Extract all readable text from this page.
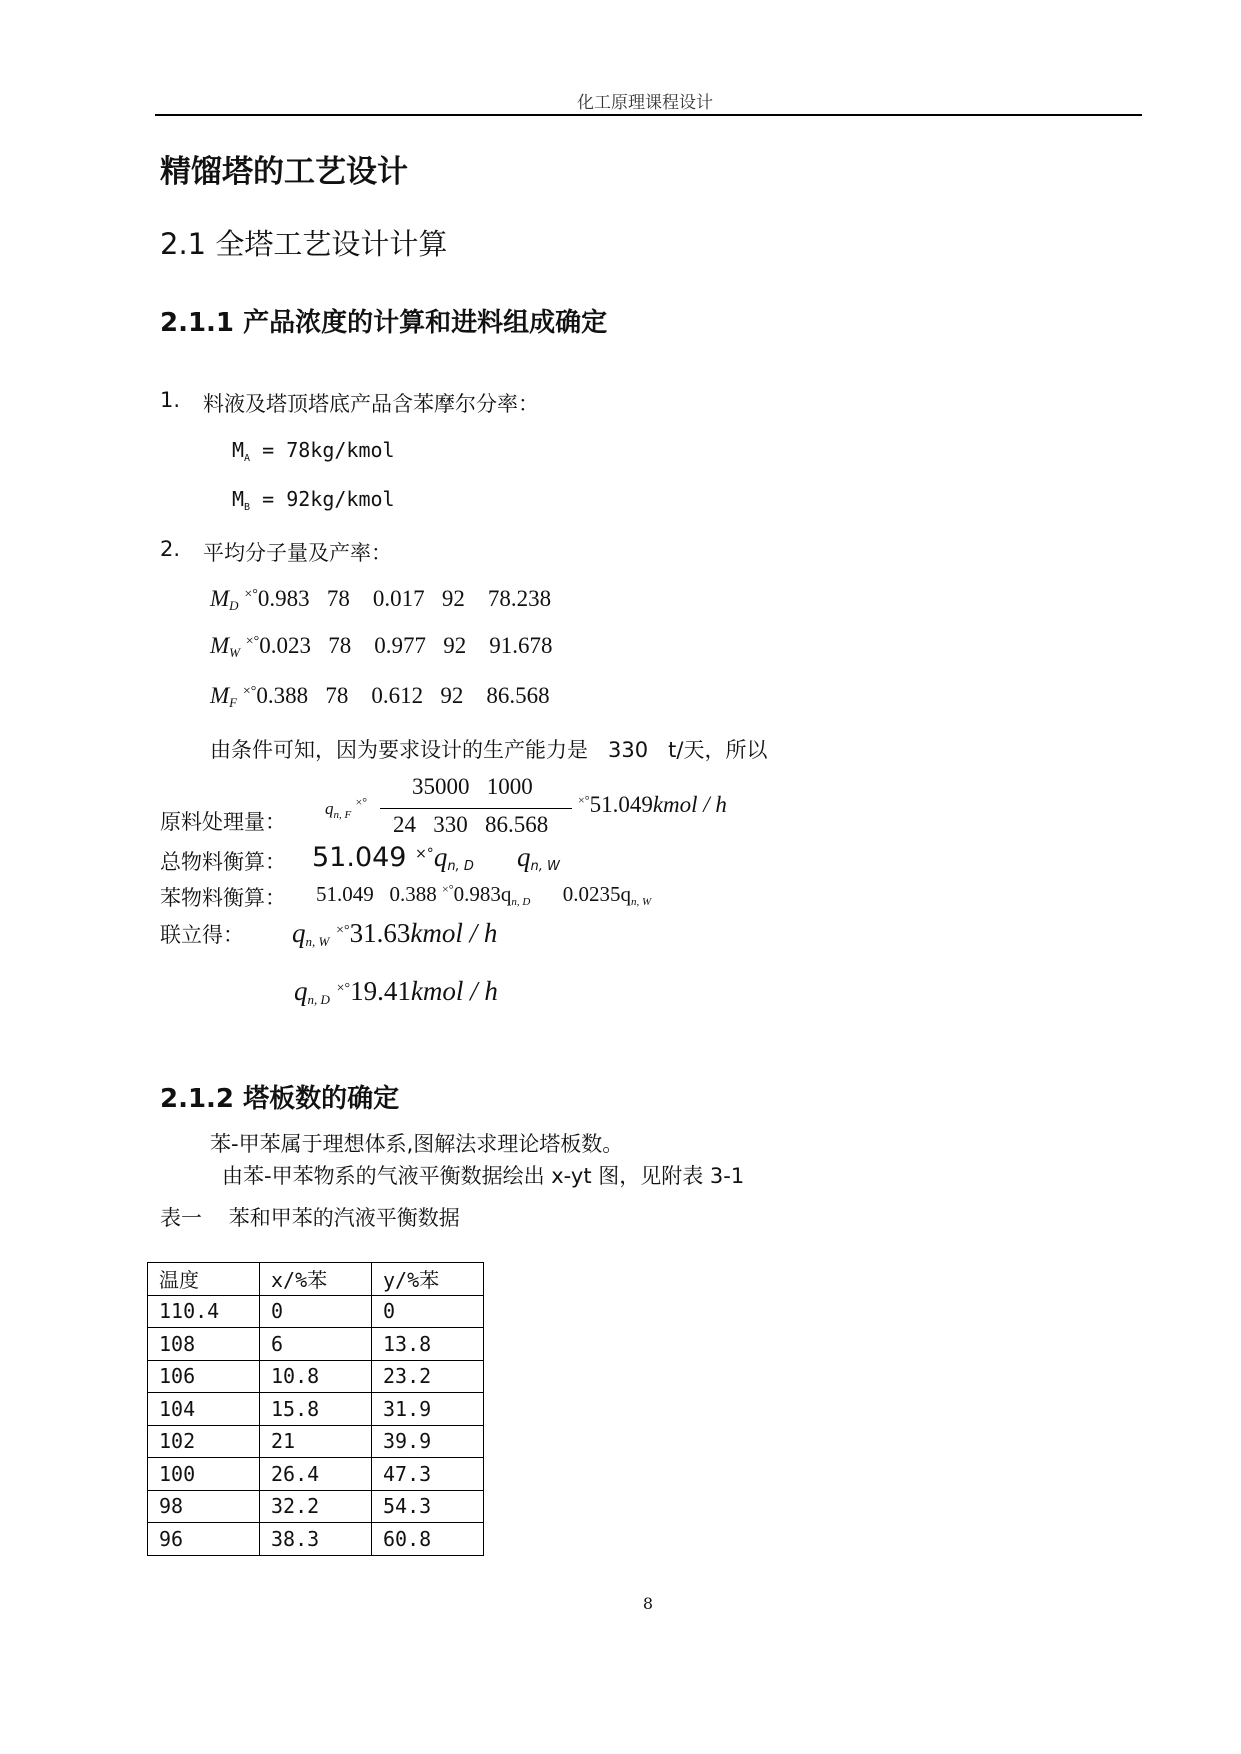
化工原理课程设计
精馏塔的工艺设计
2.1 全塔工艺设计计算
2.1.1 产品浓度的计算和进料组成确定
1. 料液及塔顶塔底产品含苯摩尔分率：
$M_A$ = 78kg/kmol
$M_B$ = 92kg/kmol
2. 平均分子量及产率：
$M_D$ ×°0.983   78    0.017   92    78.238
$M_W$ ×°0.023   78    0.977   92    91.678
$M_F$ ×°0.388   78    0.612   92    86.568
由条件可知，因为要求设计的生产能力是   330   t/天，所以
原料处理量：
$q_{n, F}$ ×°
35000   1000
24   330   86.568
×°51.049kmol / h
总物料衡算： 51.049 $^{\times^\circ}q_{n, D}$ $q_{n, W}$
苯物料衡算： 51.049   0.388 $^{\times^\circ}0.983q_{n, D}$ $0.0235q_{n, W}$
联立得： $q_{n, W}$ ×°31.63kmol / h
$q_{n, D}$ ×°19.41kmol / h
2.1.2 塔板数的确定
苯-甲苯属于理想体系,图解法求理论塔板数。
由苯-甲苯物系的气液平衡数据绘出 x-yt 图，见附表 3-1
表一    苯和甲苯的汽液平衡数据
温度	x/%苯	y/%苯
110.4	0	0
108	6	13.8
106	10.8	23.2
104	15.8	31.9
102	21	39.9
100	26.4	47.3
98	32.2	54.3
96	38.3	60.8
8
